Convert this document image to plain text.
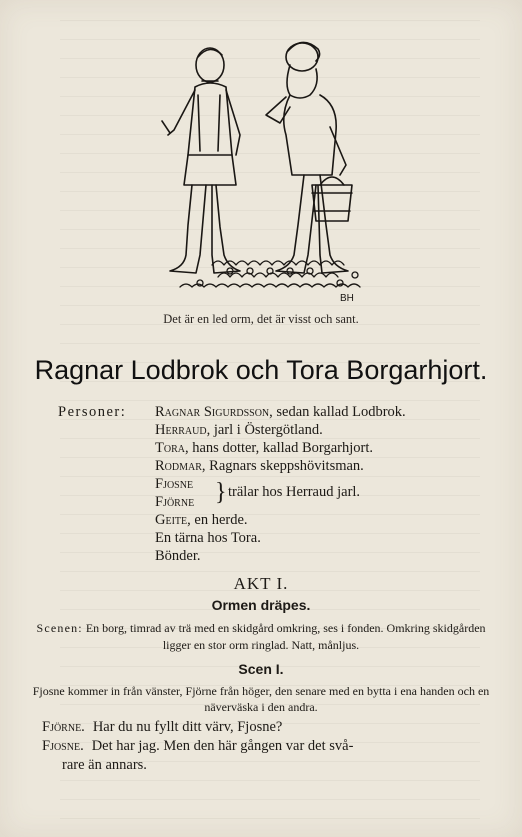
BH
Det är en led orm, det är visst och sant.
Ragnar Lodbrok och Tora Borgarhjort.
Personer: Ragnar Sigurdsson, sedan kallad Lodbrok.
Herraud, jarl i Östergötland.
Tora, hans dotter, kallad Borgarhjort.
Rodmar, Ragnars skeppshövitsman.
Fjosne
Fjörne } trälar hos Herraud jarl.
Geite, en herde.
En tärna hos Tora.
Bönder.
AKT I.
Ormen dräpes.
Scenen: En borg, timrad av trä med en skidgård omkring, ses i fonden. Omkring skidgården ligger en stor orm ringlad. Natt, månljus.
Scen I.
Fjosne kommer in från vänster, Fjörne från höger, den senare med en bytta i ena handen och en näverväska i den andra.
Fjörne. Har du nu fyllt ditt värv, Fjosne?
Fjosne. Det har jag. Men den här gången var det svå-
rare än annars.
